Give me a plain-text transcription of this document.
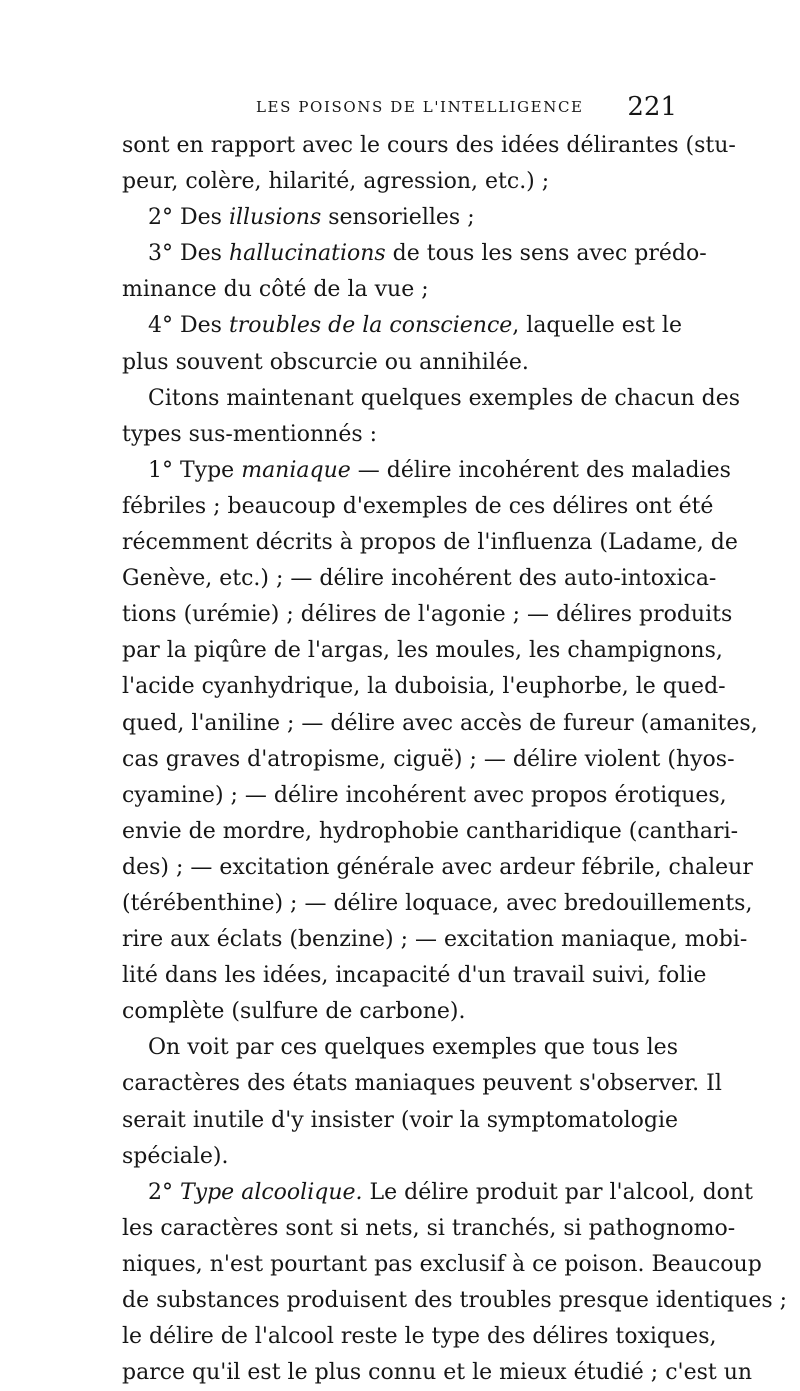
LES POISONS DE L'INTELLIGENCE 221
sont en rapport avec le cours des idées délirantes (stu-
peur, colère, hilarité, agression, etc.) ;
2° Des illusions sensorielles ;
3° Des hallucinations de tous les sens avec prédo-
minance du côté de la vue ;
4° Des troubles de la conscience, laquelle est le
plus souvent obscurcie ou annihilée.
Citons maintenant quelques exemples de chacun des
types sus-mentionnés :
1° Type maniaque — délire incohérent des maladies
fébriles ; beaucoup d'exemples de ces délires ont été
récemment décrits à propos de l'influenza (Ladame, de
Genève, etc.) ; — délire incohérent des auto-intoxica-
tions (urémie) ; délires de l'agonie ; — délires produits
par la piqûre de l'argas, les moules, les champignons,
l'acide cyanhydrique, la duboisia, l'euphorbe, le qued-
qued, l'aniline ; — délire avec accès de fureur (amanites,
cas graves d'atropisme, ciguë) ; — délire violent (hyos-
cyamine) ; — délire incohérent avec propos érotiques,
envie de mordre, hydrophobie cantharidique (canthari-
des) ; — excitation générale avec ardeur fébrile, chaleur
(térébenthine) ; — délire loquace, avec bredouillements,
rire aux éclats (benzine) ; — excitation maniaque, mobi-
lité dans les idées, incapacité d'un travail suivi, folie
complète (sulfure de carbone).
On voit par ces quelques exemples que tous les
caractères des états maniaques peuvent s'observer. Il
serait inutile d'y insister (voir la symptomatologie
spéciale).
2° Type alcoolique. Le délire produit par l'alcool, dont
les caractères sont si nets, si tranchés, si pathognomo-
niques, n'est pourtant pas exclusif à ce poison. Beaucoup
de substances produisent des troubles presque identiques ;
le délire de l'alcool reste le type des délires toxiques,
parce qu'il est le plus connu et le mieux étudié ; c'est un
